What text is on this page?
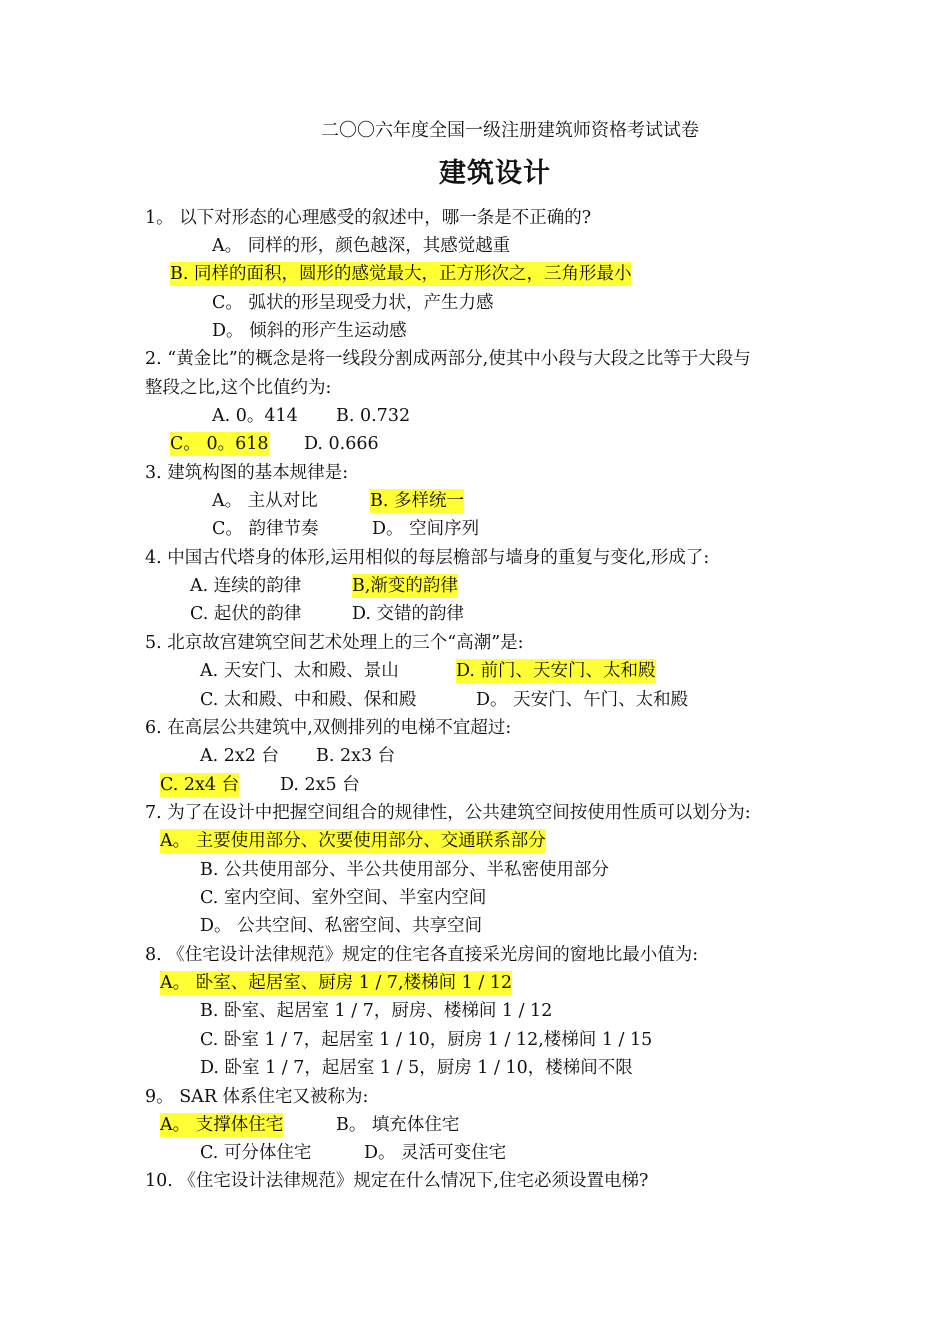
二〇〇六年度全国一级注册建筑师资格考试试卷
建筑设计
1。 以下对形态的心理感受的叙述中，哪一条是不正确的?
A。 同样的形，颜色越深，其感觉越重
B. 同样的面积，圆形的感觉最大，正方形次之，三角形最小
C。 弧状的形呈现受力状，产生力感
D。 倾斜的形产生运动感
2. “黄金比”的概念是将一线段分割成两部分,使其中小段与大段之比等于大段与
整段之比,这个比值约为:
A. 0。414 B. 0.732
C。 0。618 D. 0.666
3. 建筑构图的基本规律是:
A。 主从对比	B. 多样统一
C。 韵律节奏	D。 空间序列
4. 中国古代塔身的体形,运用相似的每层檐部与墙身的重复与变化,形成了:
A. 连续的韵律	B,渐变的韵律
C. 起伏的韵律	D. 交错的韵律
5. 北京故宫建筑空间艺术处理上的三个“高潮”是:
A. 天安门、太和殿、景山	D. 前门、天安门、太和殿
C. 太和殿、中和殿、保和殿	D。 天安门、午门、太和殿
6. 在高层公共建筑中,双侧排列的电梯不宜超过:
A. 2x2 台 B. 2x3 台
C. 2x4 台 D. 2x5 台
7. 为了在设计中把握空间组合的规律性，公共建筑空间按使用性质可以划分为:
A。 主要使用部分、次要使用部分、交通联系部分
B. 公共使用部分、半公共使用部分、半私密使用部分
C. 室内空间、室外空间、半室内空间
D。 公共空间、私密空间、共享空间
8. 《住宅设计法律规范》规定的住宅各直接采光房间的窗地比最小值为:
A。 卧室、起居室、厨房 1 / 7,楼梯间 1 / 12
B. 卧室、起居室 1 / 7，厨房、楼梯间 1 / 12
C. 卧室 1 / 7，起居室 1 / 10，厨房 1 / 12,楼梯间 1 / 15
D. 卧室 1 / 7，起居室 1 / 5，厨房 1 / 10，楼梯间不限
9。 SAR 体系住宅又被称为:
A。 支撑体住宅	B。 填充体住宅
C. 可分体住宅	D。 灵活可变住宅
10. 《住宅设计法律规范》规定在什么情况下,住宅必须设置电梯?
